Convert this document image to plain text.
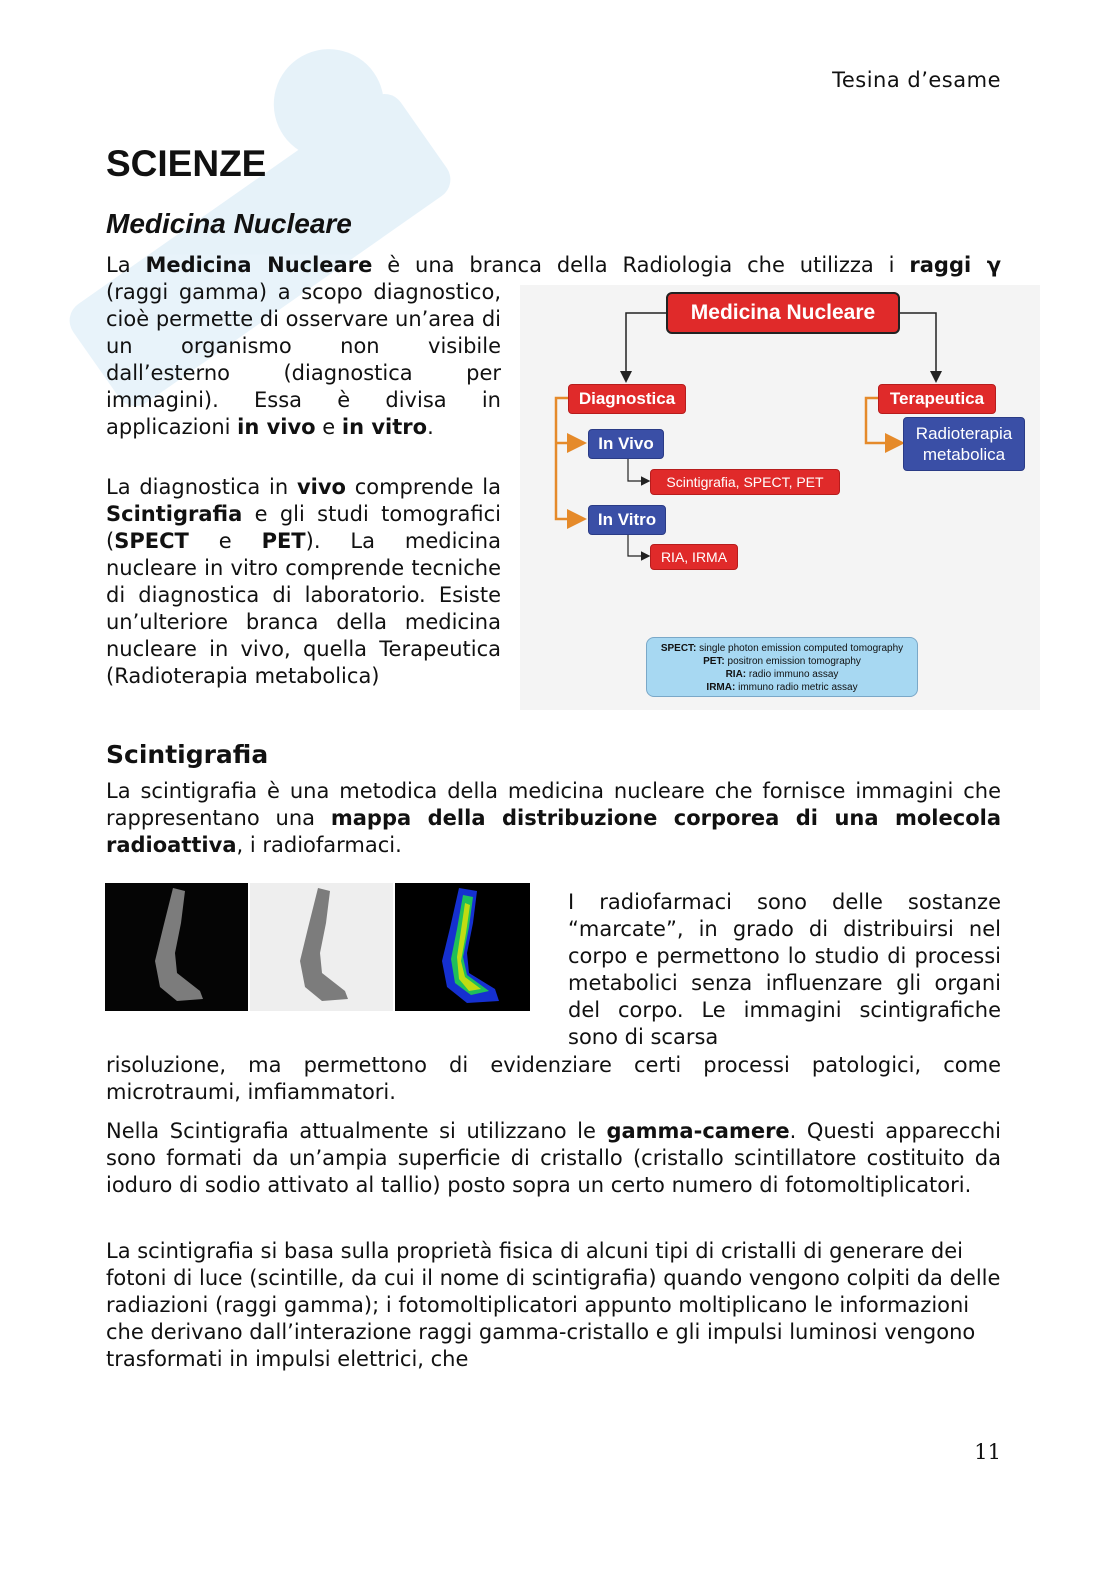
Tesina d’esame
SCIENZE
Medicina Nucleare

La Medicina Nucleare è una branca della Radiologia che utilizza i raggi γ

(raggi gamma) a scopo diagnostico, cioè permette di osservare un’area di un organismo non visibile dall’esterno (diagnostica per immagini). Essa è divisa in applicazioni in vivo e in vitro.

La diagnostica in vivo comprende la Scintigrafia e gli studi tomografici (SPECT e PET). La medicina nucleare in vitro comprende tecniche di diagnostica di laboratorio. Esiste un’ulteriore branca della medicina nucleare in vivo, quella Terapeutica (Radioterapia metabolica)

Medicina Nucleare
Diagnostica	Terapeutica
In Vivo
In Vitro
Scintigrafia, SPECT, PET
RIA, IRMA
Radioterapia
metabolica
SPECT: single photon emission computed tomography
PET: positron emission tomography
RIA: radio immuno assay
IRMA: immuno radio metric assay
Scintigrafia

La scintigrafia è una metodica della medicina nucleare che fornisce immagini che rappresentano una mappa della distribuzione corporea di una molecola radioattiva, i radiofarmaci.

I radiofarmaci sono delle sostanze “marcate”, in grado di distribuirsi nel corpo e permettono lo studio di processi metabolici senza influenzare gli organi del corpo. Le immagini scintigrafiche sono di scarsa

risoluzione, ma permettono di evidenziare certi processi patologici, come microtraumi, imfiammatori.

Nella Scintigrafia attualmente si utilizzano le gamma-camere. Questi apparecchi sono formati da un’ampia superficie di cristallo (cristallo scintillatore costituito da ioduro di sodio attivato al tallio) posto sopra un certo numero di fotomoltiplicatori.

La scintigrafia si basa sulla proprietà fisica di alcuni tipi di cristalli di generare dei fotoni di luce (scintille, da cui il nome di scintigrafia) quando vengono colpiti da delle radiazioni (raggi gamma); i fotomoltiplicatori appunto moltiplicano le informazioni che derivano dall’interazione raggi gamma-cristallo e gli impulsi luminosi vengono trasformati in impulsi elettrici, che

11
